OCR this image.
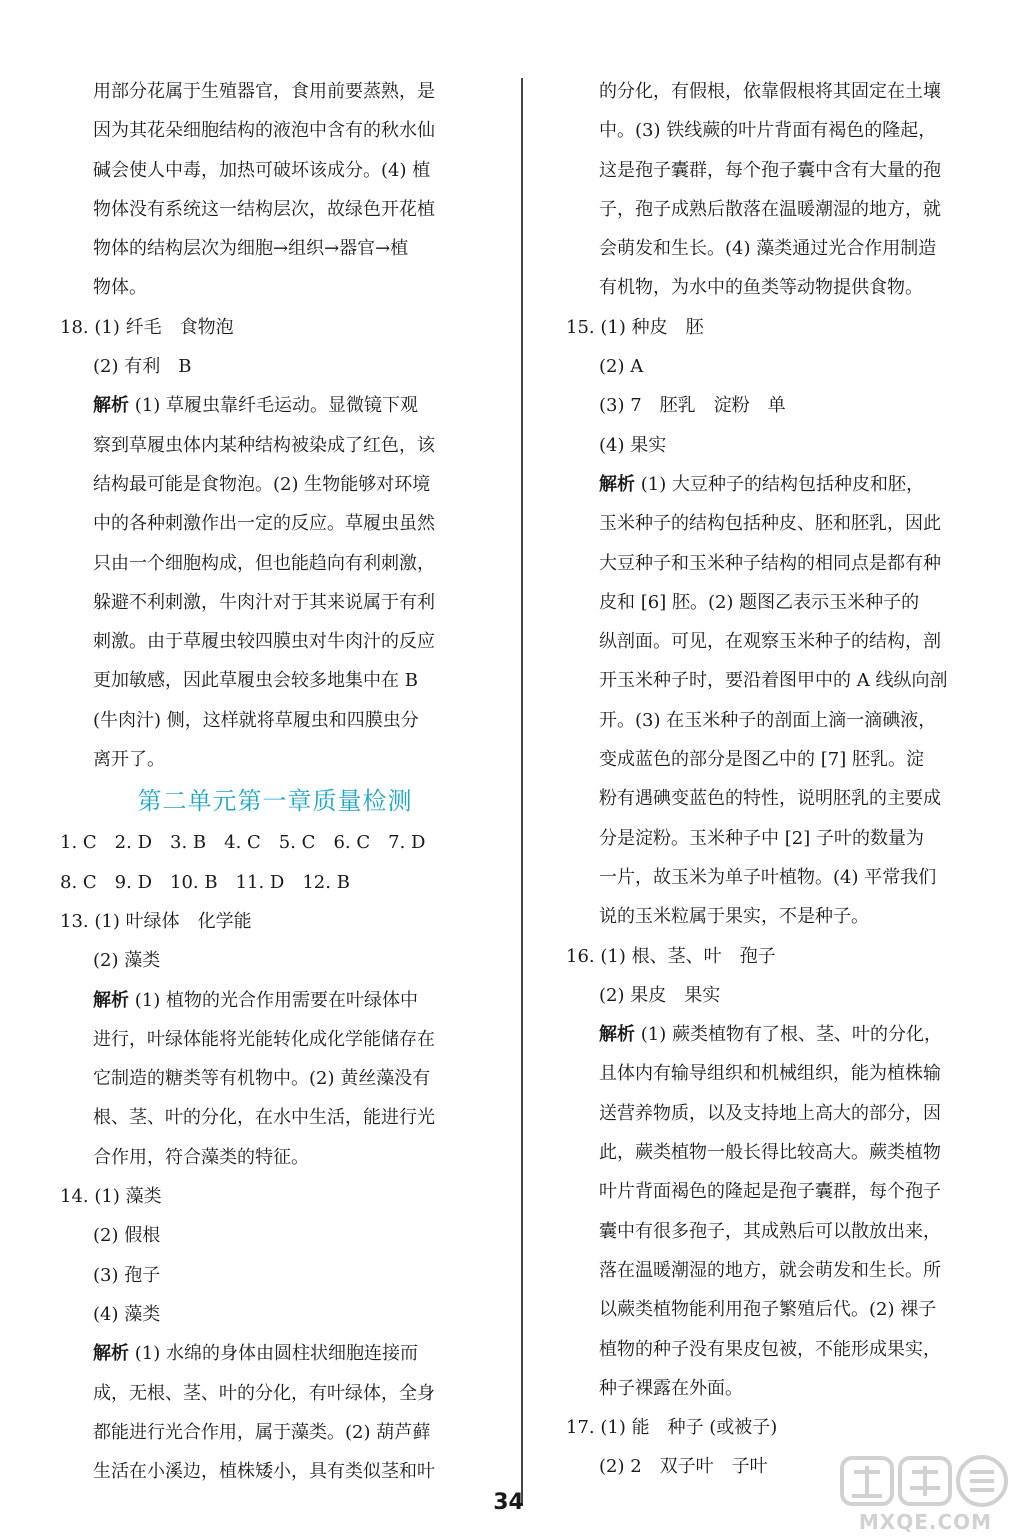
用部分花属于生殖器官，食用前要蒸熟，是
因为其花朵细胞结构的液泡中含有的秋水仙
碱会使人中毒，加热可破坏该成分。(4) 植
物体没有系统这一结构层次，故绿色开花植
物体的结构层次为细胞→组织→器官→植
物体。
18. (1) 纤毛　食物泡
(2) 有利　B
解析 (1) 草履虫靠纤毛运动。显微镜下观
察到草履虫体内某种结构被染成了红色，该
结构最可能是食物泡。(2) 生物能够对环境
中的各种刺激作出一定的反应。草履虫虽然
只由一个细胞构成，但也能趋向有利刺激，
躲避不利刺激，牛肉汁对于其来说属于有利
刺激。由于草履虫较四膜虫对牛肉汁的反应
更加敏感，因此草履虫会较多地集中在 B
(牛肉汁) 侧，这样就将草履虫和四膜虫分
离开了。
第二单元第一章质量检测
1. C　2. D　3. B　4. C　5. C　6. C　7. D
8. C　9. D　10. B　11. D　12. B
13. (1) 叶绿体　化学能
(2) 藻类
解析 (1) 植物的光合作用需要在叶绿体中
进行，叶绿体能将光能转化成化学能储存在
它制造的糖类等有机物中。(2) 黄丝藻没有
根、茎、叶的分化，在水中生活，能进行光
合作用，符合藻类的特征。
14. (1) 藻类
(2) 假根
(3) 孢子
(4) 藻类
解析 (1) 水绵的身体由圆柱状细胞连接而
成，无根、茎、叶的分化，有叶绿体，全身
都能进行光合作用，属于藻类。(2) 葫芦藓
生活在小溪边，植株矮小，具有类似茎和叶
的分化，有假根，依靠假根将其固定在土壤
中。(3) 铁线蕨的叶片背面有褐色的隆起，
这是孢子囊群，每个孢子囊中含有大量的孢
子，孢子成熟后散落在温暖潮湿的地方，就
会萌发和生长。(4) 藻类通过光合作用制造
有机物，为水中的鱼类等动物提供食物。
15. (1) 种皮　胚
(2) A
(3) 7　胚乳　淀粉　单
(4) 果实
解析 (1) 大豆种子的结构包括种皮和胚，
玉米种子的结构包括种皮、胚和胚乳，因此
大豆种子和玉米种子结构的相同点是都有种
皮和 [6] 胚。(2) 题图乙表示玉米种子的
纵剖面。可见，在观察玉米种子的结构，剖
开玉米种子时，要沿着图甲中的 A 线纵向剖
开。(3) 在玉米种子的剖面上滴一滴碘液，
变成蓝色的部分是图乙中的 [7] 胚乳。淀
粉有遇碘变蓝色的特性，说明胚乳的主要成
分是淀粉。玉米种子中 [2] 子叶的数量为
一片，故玉米为单子叶植物。(4) 平常我们
说的玉米粒属于果实，不是种子。
16. (1) 根、茎、叶　孢子
(2) 果皮　果实
解析 (1) 蕨类植物有了根、茎、叶的分化，
且体内有输导组织和机械组织，能为植株输
送营养物质，以及支持地上高大的部分，因
此，蕨类植物一般长得比较高大。蕨类植物
叶片背面褐色的隆起是孢子囊群，每个孢子
囊中有很多孢子，其成熟后可以散放出来，
落在温暖潮湿的地方，就会萌发和生长。所
以蕨类植物能利用孢子繁殖后代。(2) 裸子
植物的种子没有果皮包被，不能形成果实，
种子裸露在外面。
17. (1) 能　种子 (或被子)
(2) 2　双子叶　子叶
34
MXQE.COM
